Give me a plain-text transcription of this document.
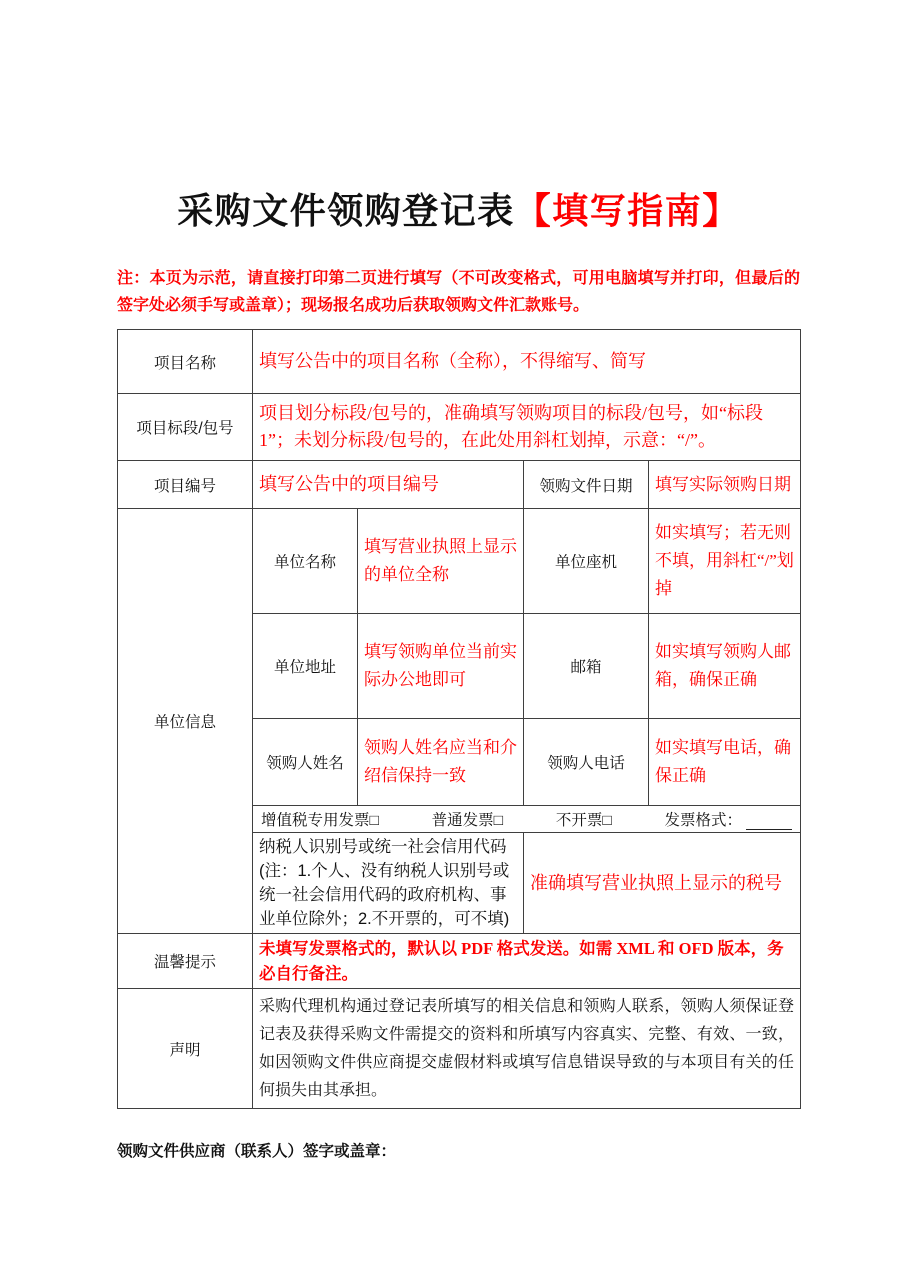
采购文件领购登记表【填写指南】

注：本页为示范，请直接打印第二页进行填写（不可改变格式，可用电脑填写并打印，但最后的签字处必须手写或盖章）；现场报名成功后获取领购文件汇款账号。

项目名称	填写公告中的项目名称（全称），不得缩写、简写			
项目标段/包号	项目划分标段/包号的，准确填写领购项目的标段/包号，如“标段1”；未划分标段/包号的，在此处用斜杠划掉，示意：“/”。			
项目编号	填写公告中的项目编号		领购文件日期	填写实际领购日期
单位信息	单位名称	填写营业执照上显示的单位全称	单位座机	如实填写；若无则不填，用斜杠“/”划掉
	单位地址	填写领购单位当前实际办公地即可	邮箱	如实填写领购人邮箱，确保正确
	领购人姓名	领购人姓名应当和介绍信保持一致	领购人电话	如实填写电话，确保正确

	增值税专用发票□ 普通发票□ 不开票□ 发票格式：			

	纳税人识别号或统一社会信用代码(注：1.个人、没有纳税人识别号或统一社会信用代码的政府机构、事业单位除外；2.不开票的，可不填)		准确填写营业执照上显示的税号	
温馨提示	未填写发票格式的，默认以 PDF 格式发送。如需 XML 和 OFD 版本，务必自行备注。			
声明	采购代理机构通过登记表所填写的相关信息和领购人联系，领购人须保证登记表及获得采购文件需提交的资料和所填写内容真实、完整、有效、一致，如因领购文件供应商提交虚假材料或填写信息错误导致的与本项目有关的任何损失由其承担。			

领购文件供应商（联系人）签字或盖章：
